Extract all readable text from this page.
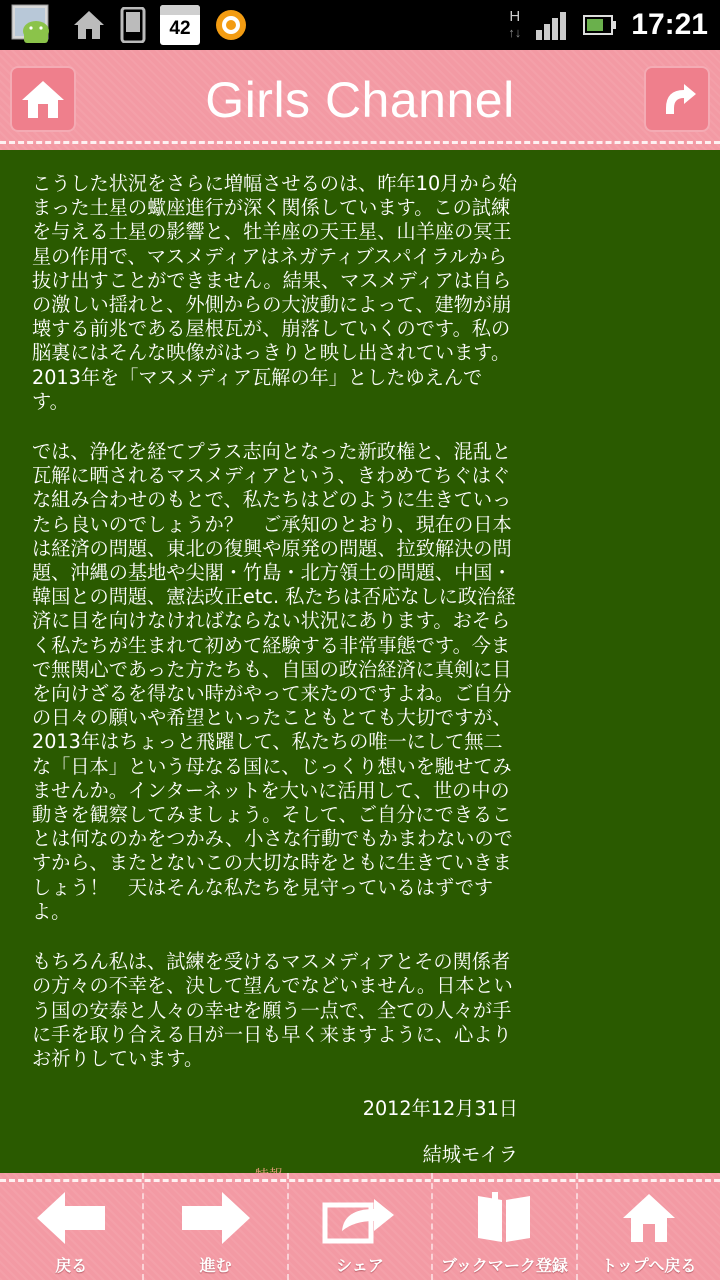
42
H
↑↓	17:21
Girls Channel

こうした状況をさらに増幅させるのは、昨年10月から始まった土星の蠍座進行が深く関係しています。この試練を与える土星の影響と、牡羊座の天王星、山羊座の冥王星の作用で、マスメディアはネガティブスパイラルから抜け出すことができません。結果、マスメディアは自らの激しい揺れと、外側からの大波動によって、建物が崩壊する前兆である屋根瓦が、崩落していくのです。私の脳裏にはそんな映像がはっきりと映し出されています。2013年を「マスメディア瓦解の年」としたゆえんです。

では、浄化を経てプラス志向となった新政権と、混乱と瓦解に晒されるマスメディアという、きわめてちぐはぐな組み合わせのもとで、私たちはどのように生きていったら良いのでしょうか？　ご承知のとおり、現在の日本は経済の問題、東北の復興や原発の問題、拉致解決の問題、沖縄の基地や尖閣・竹島・北方領土の問題、中国・韓国との問題、憲法改正etc. 私たちは否応なしに政治経済に目を向けなければならない状況にあります。おそらく私たちが生まれて初めて経験する非常事態です。今まで無関心であった方たちも、自国の政治経済に真剣に目を向けざるを得ない時がやって来たのですよね。ご自分の日々の願いや希望といったこともとても大切ですが、2013年はちょっと飛躍して、私たちの唯一にして無二な「日本」という母なる国に、じっくり想いを馳せてみませんか。インターネットを大いに活用して、世の中の動きを観察してみましょう。そして、ご自分にできることは何なのかをつかみ、小さな行動でもかまわないのですから、またとないこの大切な時をともに生きていきましょう！　天はそんな私たちを見守っているはずですよ。

もちろん私は、試練を受けるマスメディアとその関係者の方々の不幸を、決して望んでなどいません。日本という国の安泰と人々の幸せを願う一点で、全ての人々が手に手を取り合える日が一日も早く来ますように、心よりお祈りしています。

2012年12月31日
結城モイラ
戻る	進む	シェア	ブックマーク登録 トップへ戻る
